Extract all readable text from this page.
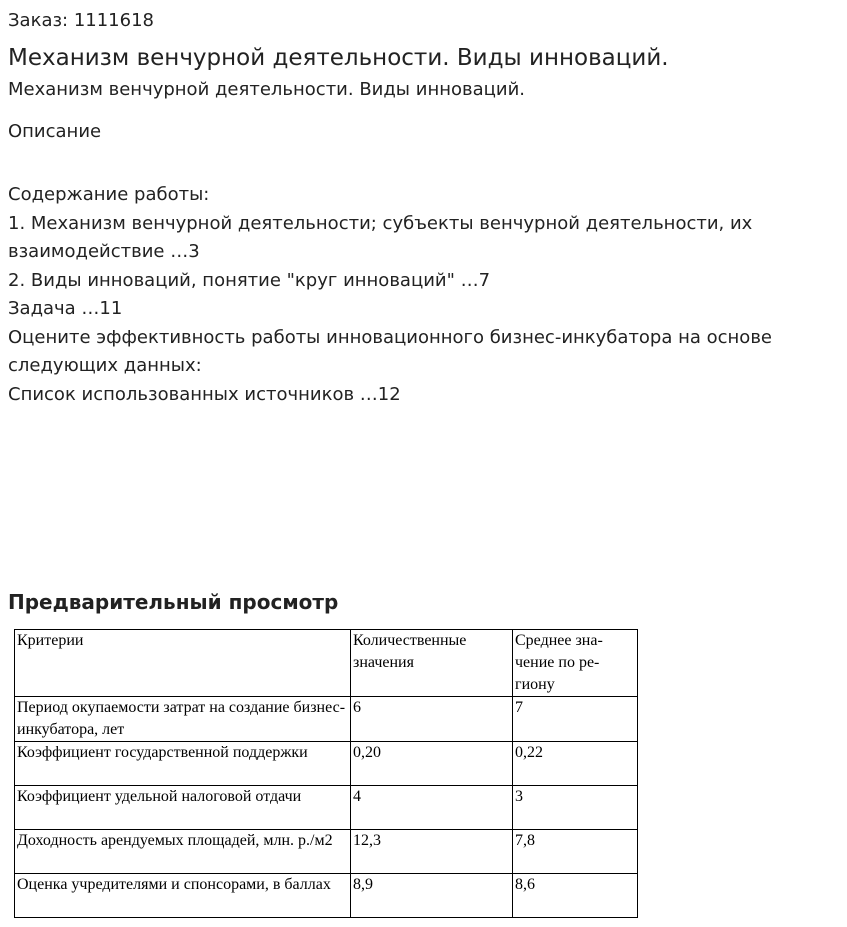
Заказ: 1111618
Механизм венчурной деятельности. Виды инноваций.
Механизм венчурной деятельности. Виды инноваций.
Описание

Содержание работы:

1. Механизм венчурной деятельности; субъекты венчурной деятельности, их взаимодействие …3

2. Виды инноваций, понятие "круг инноваций" …7

Задача …11

Оцените эффективность работы инновационного бизнес-инкубатора на основе следующих данных:

Список использованных источников …12

Предварительный просмотр
Критерии	Количественные значения	Среднее зна-чение по ре-гиону
Период окупаемости затрат на создание бизнес-инкубатора, лет	6	7
Коэффициент государственной поддержки	0,20	0,22
Коэффициент удельной налоговой отдачи	4	3
Доходность арендуемых площадей, млн. р./м2	12,3	7,8
Оценка учредителями и спонсорами, в баллах	8,9	8,6
